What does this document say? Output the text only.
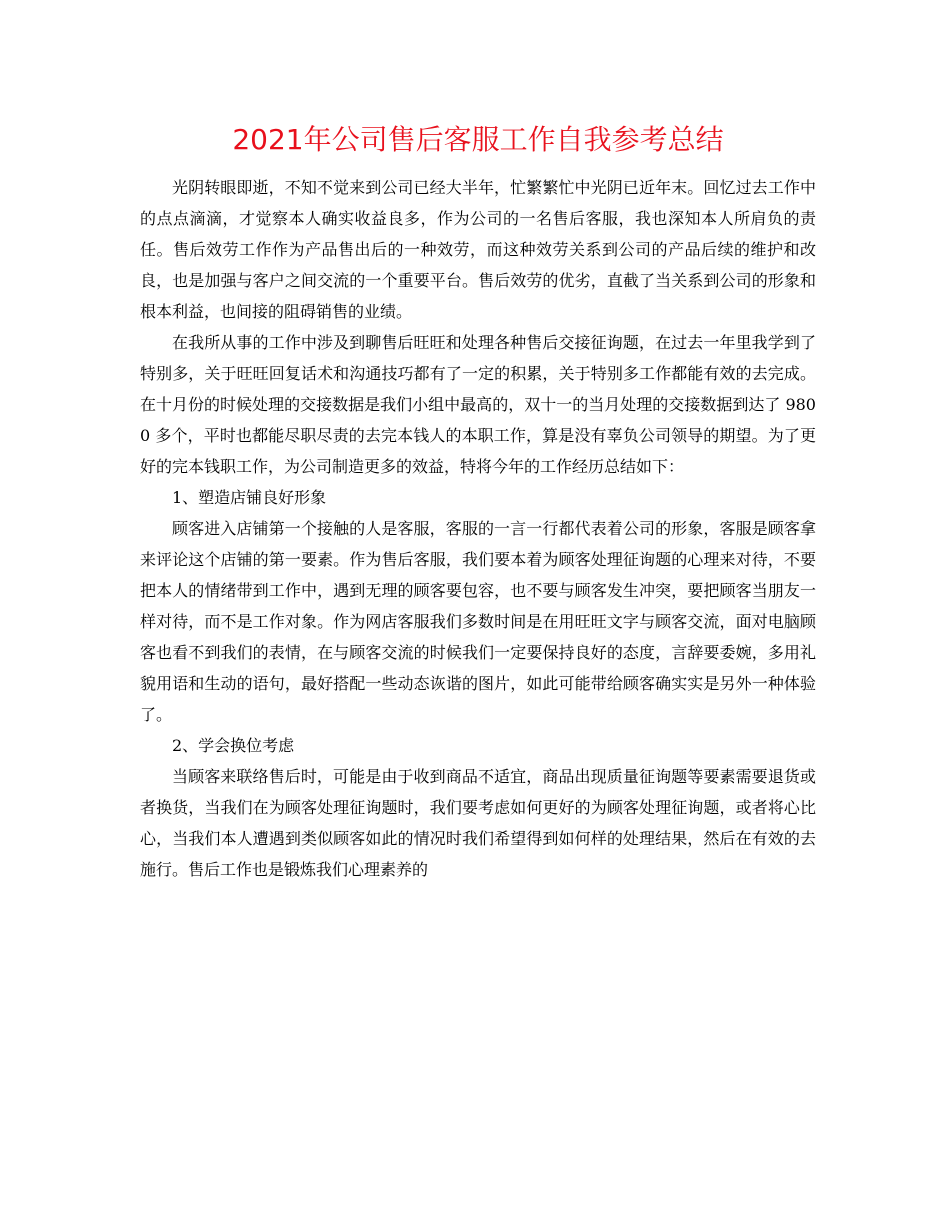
2021年公司售后客服工作自我参考总结

光阴转眼即逝，不知不觉来到公司已经大半年，忙繁繁忙中光阴已近年末。回忆过去工作中的点点滴滴，才觉察本人确实收益良多，作为公司的一名售后客服，我也深知本人所肩负的责任。售后效劳工作作为产品售出后的一种效劳，而这种效劳关系到公司的产品后续的维护和改良，也是加强与客户之间交流的一个重要平台。售后效劳的优劣，直截了当关系到公司的形象和根本利益，也间接的阻碍销售的业绩。

在我所从事的工作中涉及到聊售后旺旺和处理各种售后交接征询题，在过去一年里我学到了特别多，关于旺旺回复话术和沟通技巧都有了一定的积累，关于特别多工作都能有效的去完成。在十月份的时候处理的交接数据是我们小组中最高的，双十一的当月处理的交接数据到达了 9800 多个，平时也都能尽职尽责的去完本钱人的本职工作，算是没有辜负公司领导的期望。为了更好的完本钱职工作，为公司制造更多的效益，特将今年的工作经历总结如下：

1、塑造店铺良好形象

顾客进入店铺第一个接触的人是客服，客服的一言一行都代表着公司的形象，客服是顾客拿来评论这个店铺的第一要素。作为售后客服，我们要本着为顾客处理征询题的心理来对待，不要把本人的情绪带到工作中，遇到无理的顾客要包容，也不要与顾客发生冲突，要把顾客当朋友一样对待，而不是工作对象。作为网店客服我们多数时间是在用旺旺文字与顾客交流，面对电脑顾客也看不到我们的表情，在与顾客交流的时候我们一定要保持良好的态度，言辞要委婉，多用礼貌用语和生动的语句，最好搭配一些动态诙谐的图片，如此可能带给顾客确实实是另外一种体验了。

2、学会换位考虑

当顾客来联络售后时，可能是由于收到商品不适宜，商品出现质量征询题等要素需要退货或者换货，当我们在为顾客处理征询题时，我们要考虑如何更好的为顾客处理征询题，或者将心比心，当我们本人遭遇到类似顾客如此的情况时我们希望得到如何样的处理结果，然后在有效的去施行。售后工作也是锻炼我们心理素养的
